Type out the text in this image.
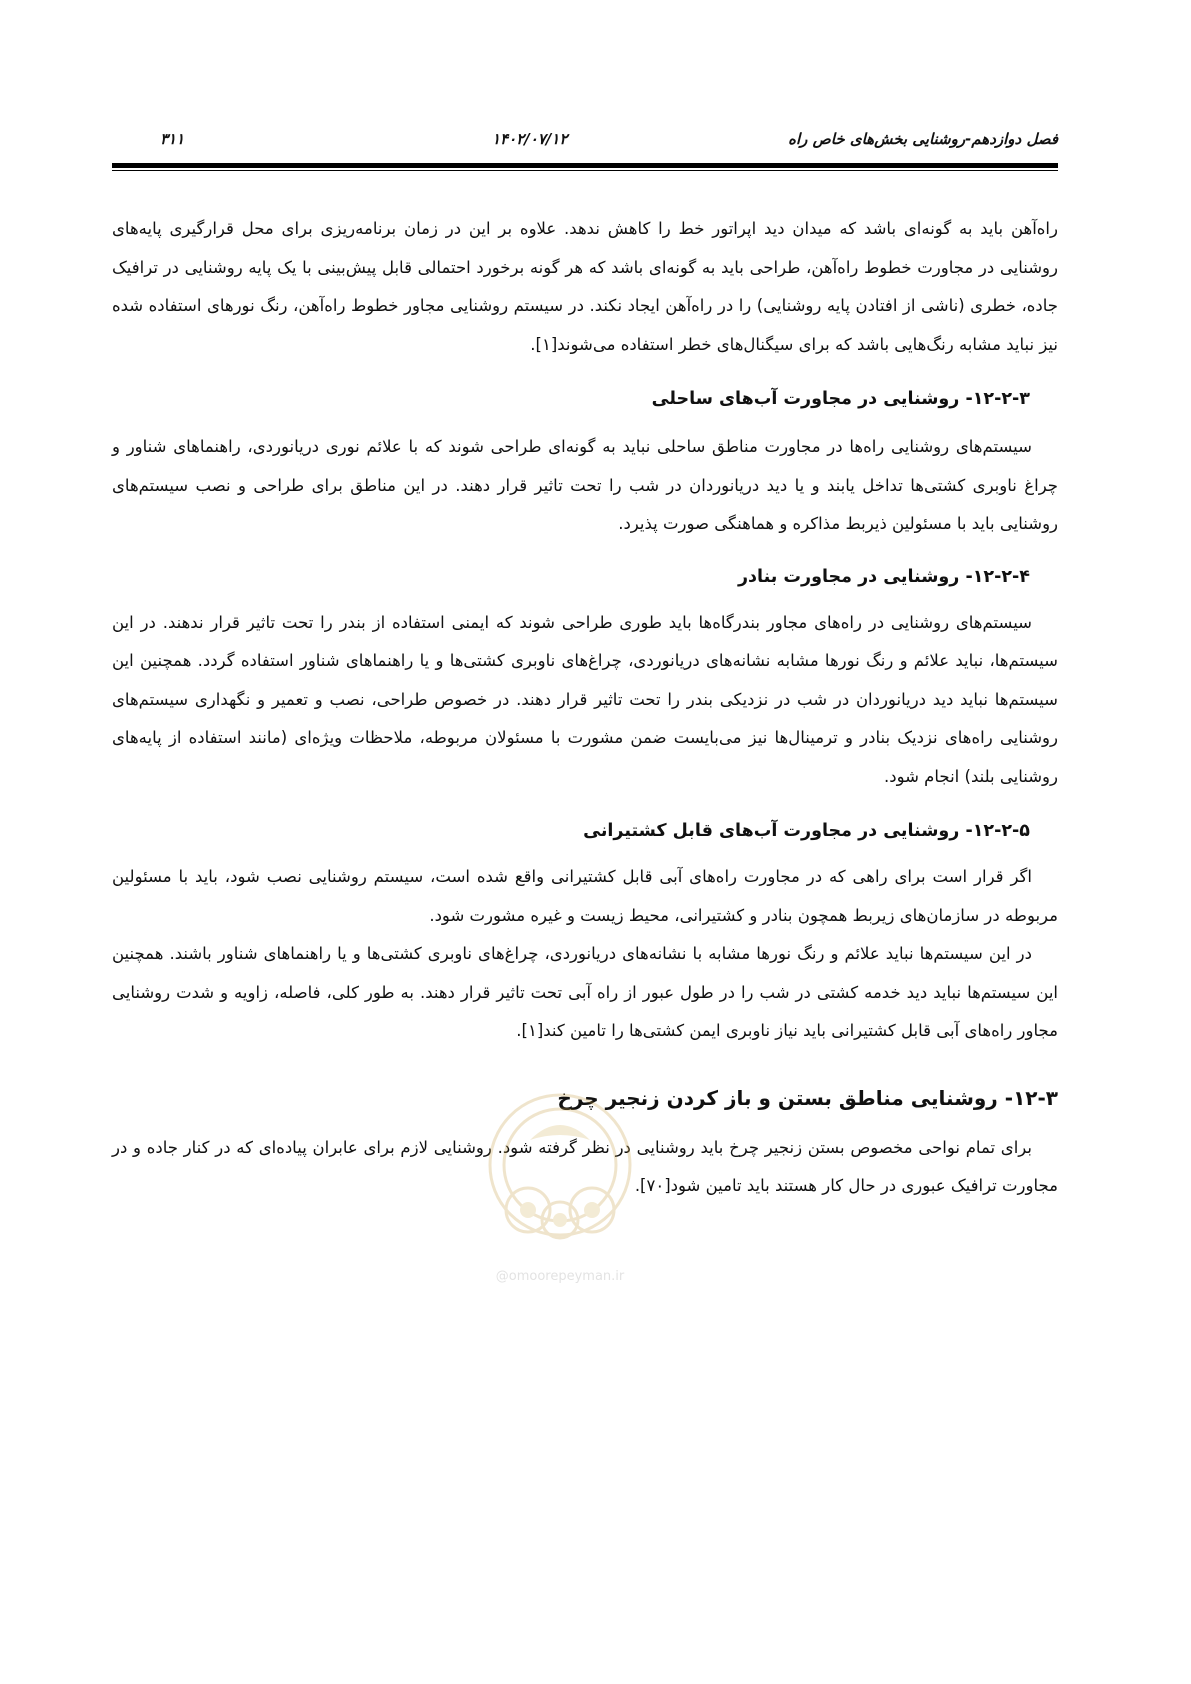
فصل دوازدهم-روشنایی بخش‌های خاص راه
۱۴۰۲/۰۷/۱۲
۳۱۱

راه‌آهن باید به گونه‌ای باشد که میدان دید اپراتور خط را کاهش ندهد. علاوه بر این در زمان برنامه‌ریزی برای محل قرارگیری پایه‌های روشنایی در مجاورت خطوط راه‌آهن، طراحی باید به گونه‌ای باشد که هر گونه برخورد احتمالی قابل پیش‌بینی با یک پایه روشنایی در ترافیک جاده، خطری (ناشی از افتادن پایه روشنایی) را در راه‌آهن ایجاد نکند. در سیستم روشنایی مجاور خطوط راه‌آهن، رنگ نورهای استفاده شده نیز نباید مشابه رنگ‌هایی باشد که برای سیگنال‌های خطر استفاده می‌شوند[۱].

۱۲-۲-۳- روشنایی در مجاورت آب‌های ساحلی

سیستم‌های روشنایی راه‌ها در مجاورت مناطق ساحلی نباید به گونه‌ای طراحی شوند که با علائم نوری دریانوردی، راهنماهای شناور و چراغ ناوبری کشتی‌ها تداخل یابند و یا دید دریانوردان در شب را تحت تاثیر قرار دهند. در این مناطق برای طراحی و نصب سیستم‌های روشنایی باید با مسئولین ذیربط مذاکره و هماهنگی صورت پذیرد.

۱۲-۲-۴- روشنایی در مجاورت بنادر

سیستم‌های روشنایی در راه‌های مجاور بندرگاه‌ها باید طوری طراحی شوند که ایمنی استفاده از بندر را تحت تاثیر قرار ندهند. در این سیستم‌ها، نباید علائم و رنگ نورها مشابه نشانه‌های دریانوردی، چراغ‌های ناوبری کشتی‌ها و یا راهنماهای شناور استفاده گردد. همچنین این سیستم‌ها نباید دید دریانوردان در شب در نزدیکی بندر را تحت تاثیر قرار دهند. در خصوص طراحی، نصب و تعمیر و نگهداری سیستم‌های روشنایی راه‌های نزدیک بنادر و ترمینال‌ها نیز می‌بایست ضمن مشورت با مسئولان مربوطه، ملاحظات ویژه‌ای (مانند استفاده از پایه‌های روشنایی بلند) انجام شود.

۱۲-۲-۵- روشنایی در مجاورت آب‌های قابل کشتیرانی

اگر قرار است برای راهی که در مجاورت راه‌های آبی قابل کشتیرانی واقع شده است، سیستم روشنایی نصب شود، باید با مسئولین مربوطه در سازمان‌های زیربط همچون بنادر و کشتیرانی، محیط زیست و غیره مشورت شود.

در این سیستم‌ها نباید علائم و رنگ نورها مشابه با نشانه‌های دریانوردی، چراغ‌های ناوبری کشتی‌ها و یا راهنماهای شناور باشند. همچنین این سیستم‌ها نباید دید خدمه کشتی در شب را در طول عبور از راه آبی تحت تاثیر قرار دهند. به طور کلی، فاصله، زاویه و شدت روشنایی مجاور راه‌های آبی قابل کشتیرانی باید نیاز ناوبری ایمن کشتی‌ها را تامین کند[۱].

۱۲-۳- روشنایی مناطق بستن و باز کردن زنجیر چرخ

برای تمام نواحی مخصوص بستن زنجیر چرخ باید روشنایی در نظر گرفته شود. روشنایی لازم برای عابران پیاده‌ای که در کنار جاده و در مجاورت ترافیک عبوری در حال کار هستند باید تامین شود[۷۰].

@omoorepeyman.ir
